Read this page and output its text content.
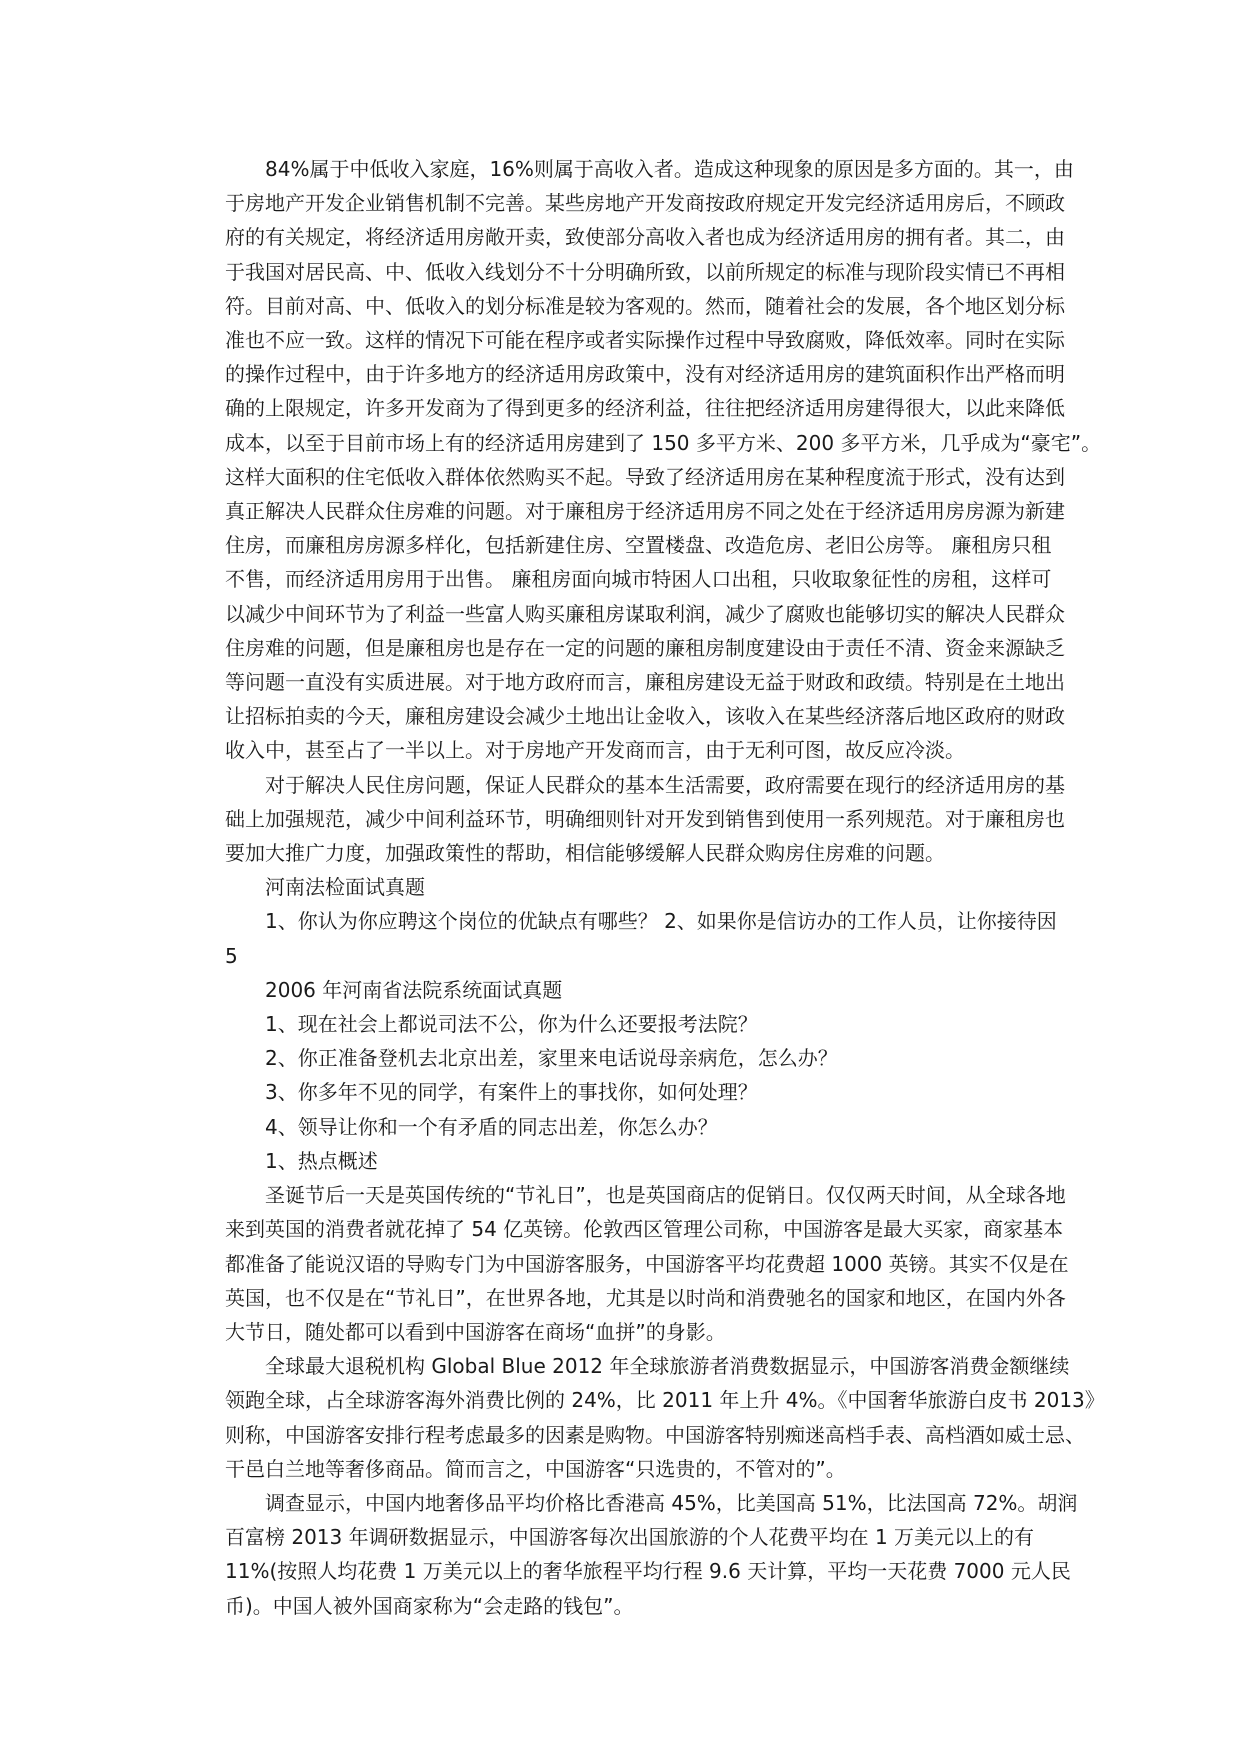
84%属于中低收入家庭，16%则属于高收入者。造成这种现象的原因是多方面的。其一，由
于房地产开发企业销售机制不完善。某些房地产开发商按政府规定开发完经济适用房后，不顾政
府的有关规定，将经济适用房敞开卖，致使部分高收入者也成为经济适用房的拥有者。其二，由
于我国对居民高、中、低收入线划分不十分明确所致，以前所规定的标准与现阶段实情已不再相
符。目前对高、中、低收入的划分标准是较为客观的。然而，随着社会的发展，各个地区划分标
准也不应一致。这样的情况下可能在程序或者实际操作过程中导致腐败，降低效率。同时在实际
的操作过程中，由于许多地方的经济适用房政策中，没有对经济适用房的建筑面积作出严格而明
确的上限规定，许多开发商为了得到更多的经济利益，往往把经济适用房建得很大，以此来降低
成本，以至于目前市场上有的经济适用房建到了 150 多平方米、200 多平方米，几乎成为“豪宅”。
这样大面积的住宅低收入群体依然购买不起。导致了经济适用房在某种程度流于形式，没有达到
真正解决人民群众住房难的问题。对于廉租房于经济适用房不同之处在于经济适用房房源为新建
住房，而廉租房房源多样化，包括新建住房、空置楼盘、改造危房、老旧公房等。 廉租房只租
不售，而经济适用房用于出售。 廉租房面向城市特困人口出租，只收取象征性的房租，这样可
以减少中间环节为了利益一些富人购买廉租房谋取利润，减少了腐败也能够切实的解决人民群众
住房难的问题，但是廉租房也是存在一定的问题的廉租房制度建设由于责任不清、资金来源缺乏
等问题一直没有实质进展。对于地方政府而言，廉租房建设无益于财政和政绩。特别是在土地出
让招标拍卖的今天，廉租房建设会减少土地出让金收入，该收入在某些经济落后地区政府的财政
收入中，甚至占了一半以上。对于房地产开发商而言，由于无利可图，故反应冷淡。

对于解决人民住房问题，保证人民群众的基本生活需要，政府需要在现行的经济适用房的基
础上加强规范，减少中间利益环节，明确细则针对开发到销售到使用一系列规范。对于廉租房也
要加大推广力度，加强政策性的帮助，相信能够缓解人民群众购房住房难的问题。

河南法检面试真题

1、你认为你应聘这个岗位的优缺点有哪些？ 2、如果你是信访办的工作人员，让你接待因
5

2006 年河南省法院系统面试真题

1、现在社会上都说司法不公，你为什么还要报考法院？

2、你正准备登机去北京出差，家里来电话说母亲病危，怎么办？

3、你多年不见的同学，有案件上的事找你，如何处理？

4、领导让你和一个有矛盾的同志出差，你怎么办？

1、热点概述

圣诞节后一天是英国传统的“节礼日”，也是英国商店的促销日。仅仅两天时间，从全球各地
来到英国的消费者就花掉了 54 亿英镑。伦敦西区管理公司称，中国游客是最大买家，商家基本
都准备了能说汉语的导购专门为中国游客服务，中国游客平均花费超 1000 英镑。其实不仅是在
英国，也不仅是在“节礼日”，在世界各地，尤其是以时尚和消费驰名的国家和地区，在国内外各
大节日，随处都可以看到中国游客在商场“血拼”的身影。

全球最大退税机构 Global Blue 2012 年全球旅游者消费数据显示，中国游客消费金额继续
领跑全球，占全球游客海外消费比例的 24%，比 2011 年上升 4%。《中国奢华旅游白皮书 2013》
则称，中国游客安排行程考虑最多的因素是购物。中国游客特别痴迷高档手表、高档酒如威士忌、
干邑白兰地等奢侈商品。简而言之，中国游客“只选贵的，不管对的”。

调查显示，中国内地奢侈品平均价格比香港高 45%，比美国高 51%，比法国高 72%。胡润
百富榜 2013 年调研数据显示，中国游客每次出国旅游的个人花费平均在 1 万美元以上的有
11%(按照人均花费 1 万美元以上的奢华旅程平均行程 9.6 天计算，平均一天花费 7000 元人民
币)。中国人被外国商家称为“会走路的钱包”。
